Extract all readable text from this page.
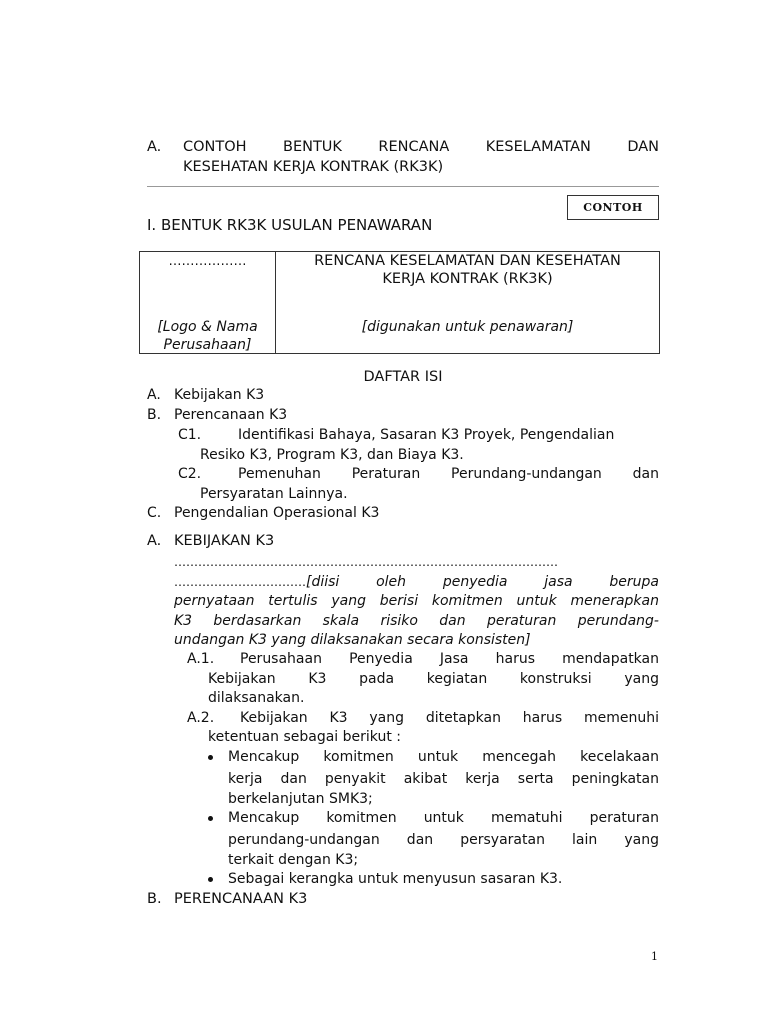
A. CONTOH BENTUK RENCANA KESELAMATAN DAN
KESEHATAN KERJA KONTRAK (RK3K)
CONTOH
I. BENTUK RK3K USULAN PENAWARAN
………………
[Logo & Nama
Perusahaan]
RENCANA KESELAMATAN DAN KESEHATAN
KERJA KONTRAK (RK3K)
[digunakan untuk penawaran]
DAFTAR ISI
A. Kebijakan K3
B. Perencanaan K3
C1.	Identifikasi Bahaya, Sasaran K3 Proyek, Pengendalian
Resiko K3, Program K3, dan Biaya K3.
C2.	Pemenuhan Peraturan Perundang-undangan dan
Persyaratan Lainnya.
C. Pengendalian Operasional K3
A. KEBIJAKAN K3
……………………………………………………………………………………
…………………………… [diisi oleh penyedia jasa berupa
pernyataan tertulis yang berisi komitmen untuk menerapkan
K3 berdasarkan skala risiko dan peraturan perundang-
undangan K3 yang dilaksanakan secara konsisten]
A.1. Perusahaan Penyedia Jasa harus mendapatkan
Kebijakan K3 pada kegiatan konstruksi yang
dilaksanakan.
A.2. Kebijakan K3 yang ditetapkan harus memenuhi
ketentuan sebagai berikut :
Mencakup komitmen untuk mencegah kecelakaan
kerja dan penyakit akibat kerja serta peningkatan
berkelanjutan SMK3;
Mencakup komitmen untuk mematuhi peraturan
perundang-undangan dan persyaratan lain yang
terkait dengan K3;
Sebagai kerangka untuk menyusun sasaran K3.
B. PERENCANAAN K3
1
